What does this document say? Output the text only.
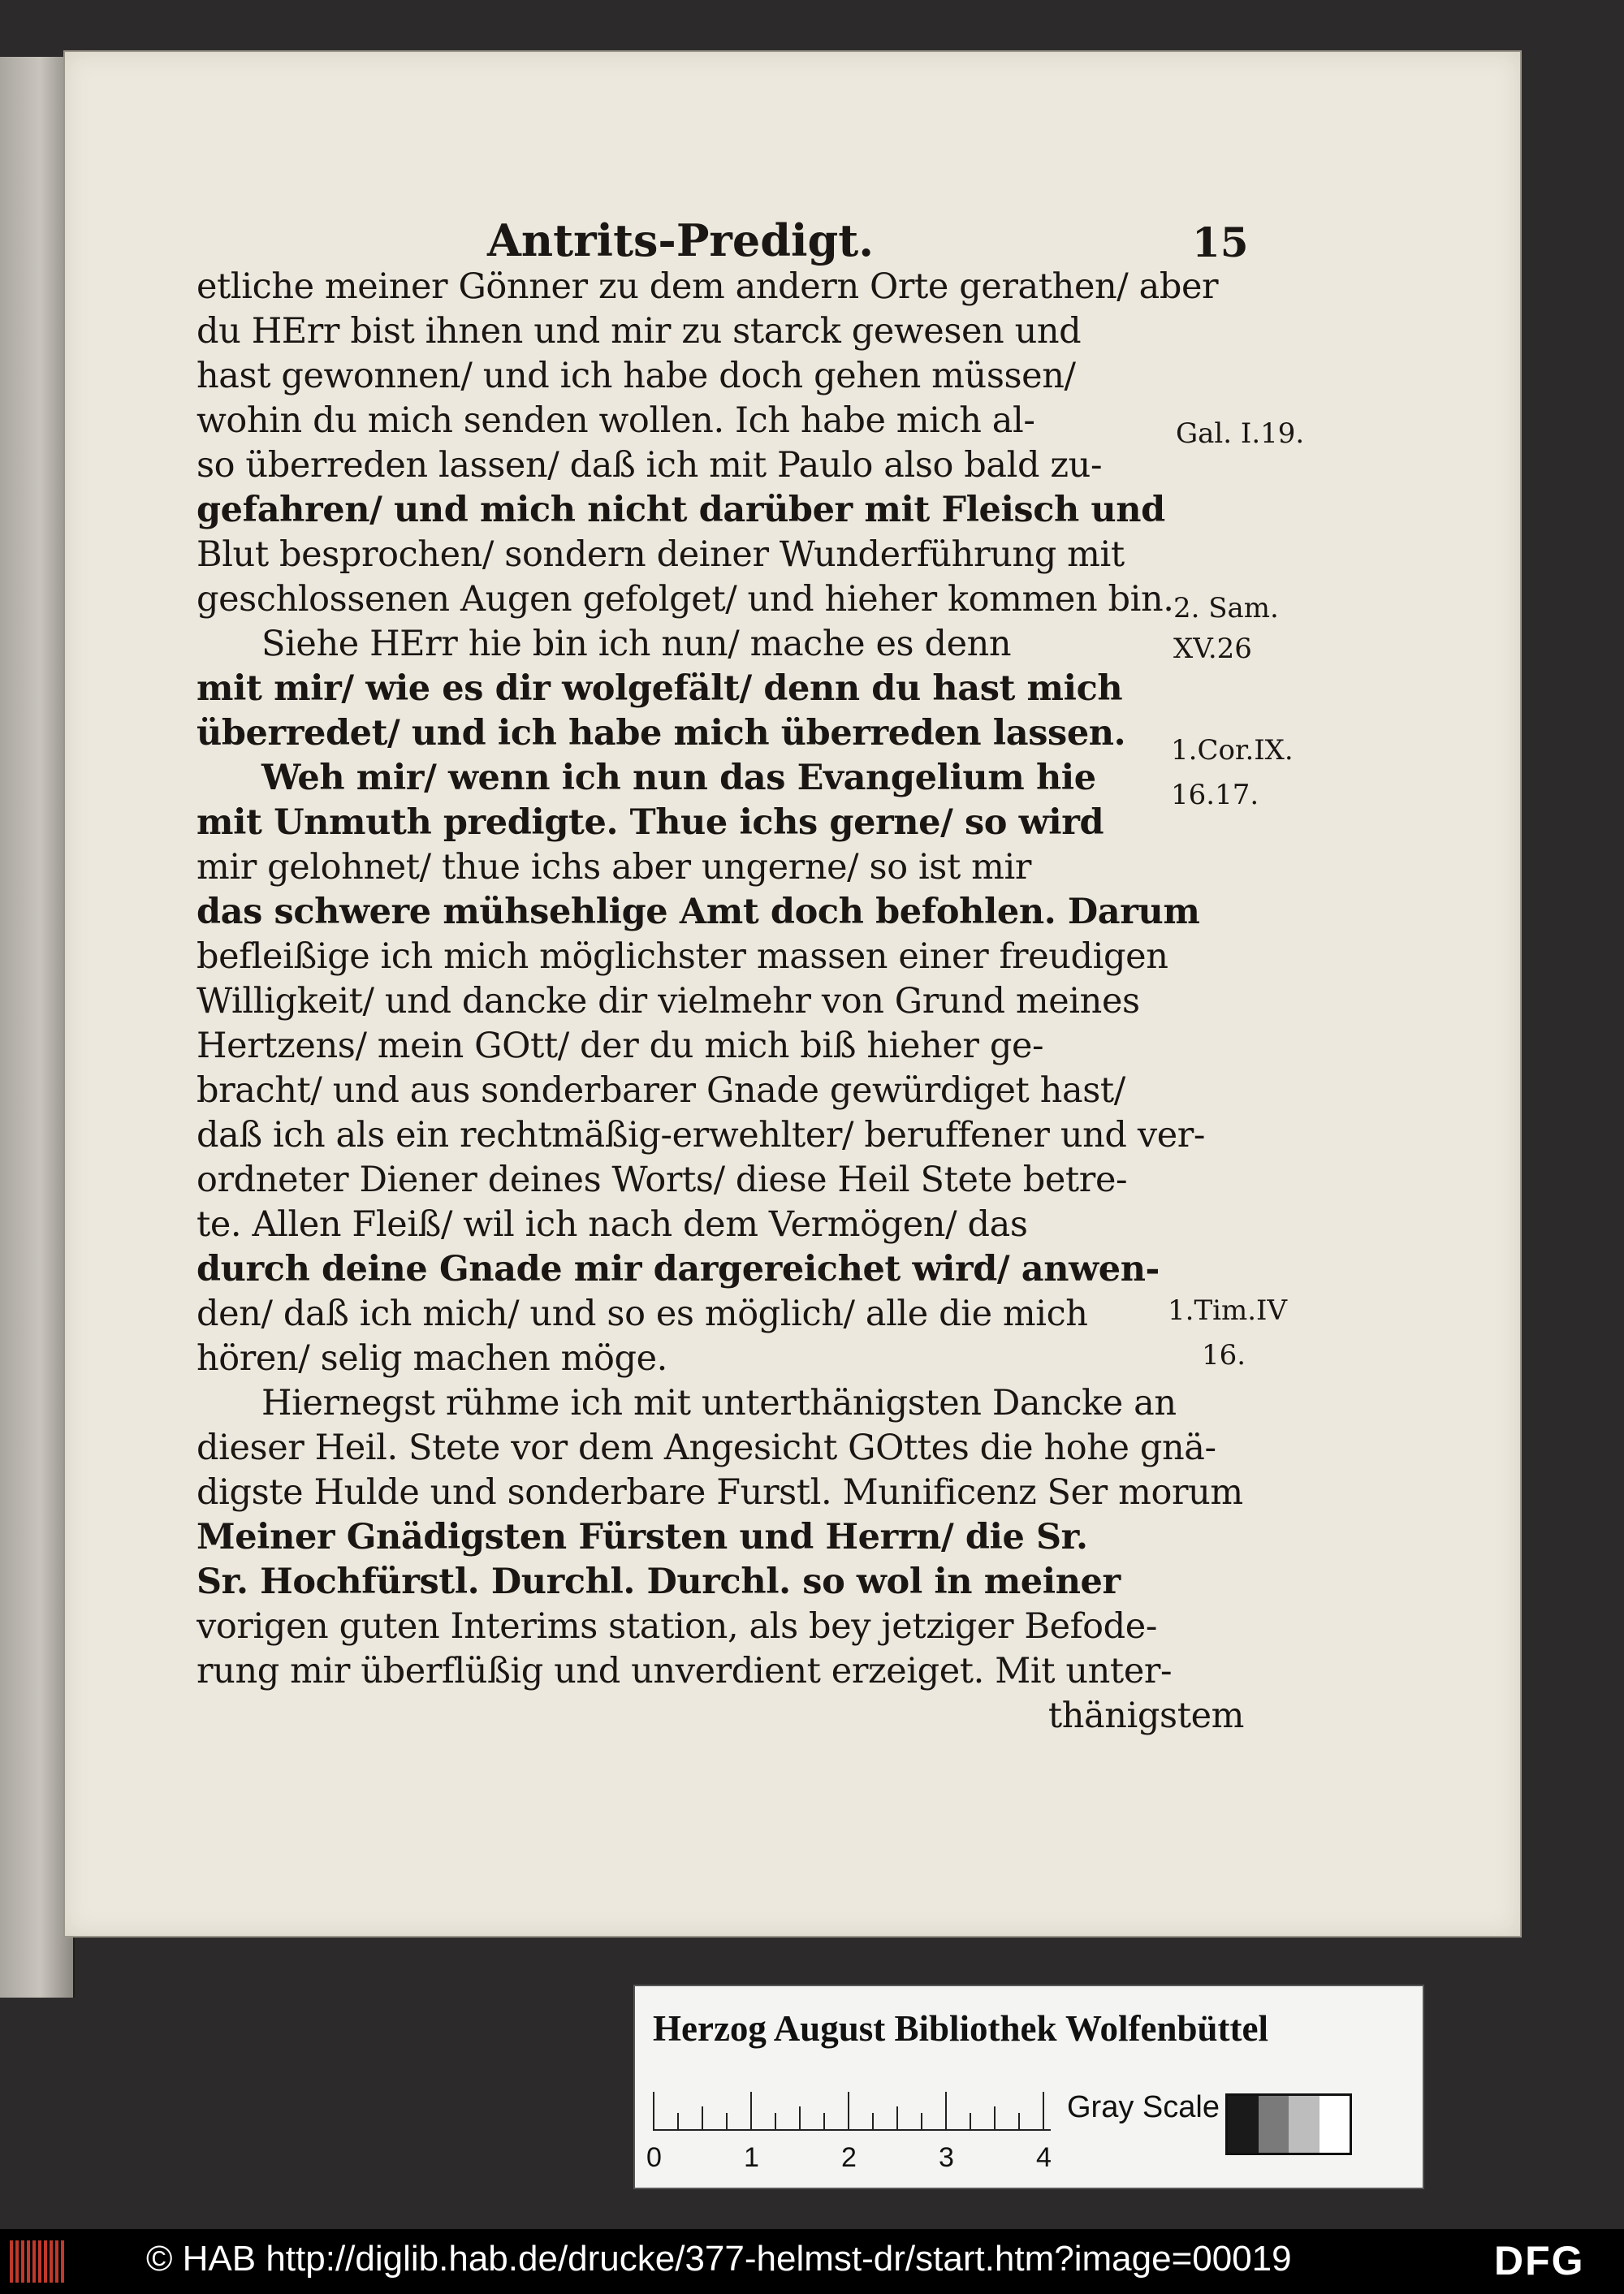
Antrits-Predigt.	15
etliche meiner Gönner zu dem andern Orte gerathen/ aber
du HErr bist ihnen und mir zu starck gewesen und
hast gewonnen/ und ich habe doch gehen müssen/
wohin du mich senden wollen. Ich habe mich al-
so überreden lassen/ daß ich mit Paulo also bald zu-
gefahren/ und mich nicht darüber mit Fleisch und
Blut besprochen/ sondern deiner Wunderführung mit
geschlossenen Augen gefolget/ und hieher kommen bin.
Siehe HErr hie bin ich nun/ mache es denn
mit mir/ wie es dir wolgefält/ denn du hast mich
überredet/ und ich habe mich überreden lassen.
Weh mir/ wenn ich nun das Evangelium hie
mit Unmuth predigte. Thue ichs gerne/ so wird
mir gelohnet/ thue ichs aber ungerne/ so ist mir
das schwere mühsehlige Amt doch befohlen. Darum
befleißige ich mich möglichster massen einer freudigen
Willigkeit/ und dancke dir vielmehr von Grund meines
Hertzens/ mein GOtt/ der du mich biß hieher ge-
bracht/ und aus sonderbarer Gnade gewürdiget hast/
daß ich als ein rechtmäßig-erwehlter/ beruffener und ver-
ordneter Diener deines Worts/ diese Heil Stete betre-
te. Allen Fleiß/ wil ich nach dem Vermögen/ das
durch deine Gnade mir dargereichet wird/ anwen-
den/ daß ich mich/ und so es möglich/ alle die mich
hören/ selig machen möge.
Hiernegst rühme ich mit unterthänigsten Dancke an
dieser Heil. Stete vor dem Angesicht GOttes die hohe gnä-
digste Hulde und sonderbare Furstl. Munificenz Ser morum
Meiner Gnädigsten Fürsten und Herrn/ die Sr.
Sr. Hochfürstl. Durchl. Durchl. so wol in meiner
vorigen guten Interims station, als bey jetziger Befode-
rung mir überflüßig und unverdient erzeiget. Mit unter-
thänigstem
Gal. I.19.
2. Sam.
XV.26
1.Cor.IX.
16.17.
1.Tim.IV
16.
Herzog August Bibliothek Wolfenbüttel
0	1	2	3	4
Gray Scale
© HAB http://diglib.hab.de/drucke/377-helmst-dr/start.htm?image=00019	DFG
